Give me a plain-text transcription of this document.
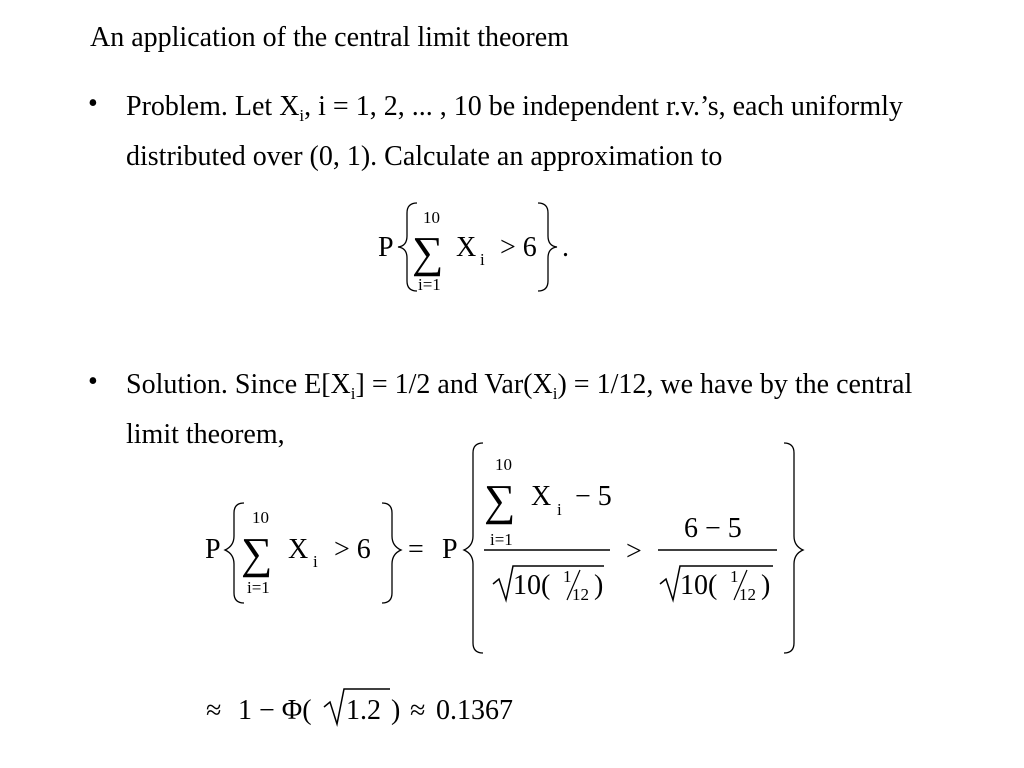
An application of the central limit theorem
• Problem. Let $X_i$, i = 1, 2, ... , 10 be independent r.v.’s, each uniformly distributed over (0, 1). Calculate an approximation to
• Solution. Since $E[X_i] = 1/2$ and $Var(X_i) = 1/12$, we have by the central limit theorem,
P
10
∑
i=1
X i > 6 .
P
10
∑
i=1
X i > 6 = P
10
∑
i=1
X i − 5
10( 1
12 )
>
6 − 5
10( 1
12 )
≈ 1 − Φ( 1.2 ) ≈ 0.1367
